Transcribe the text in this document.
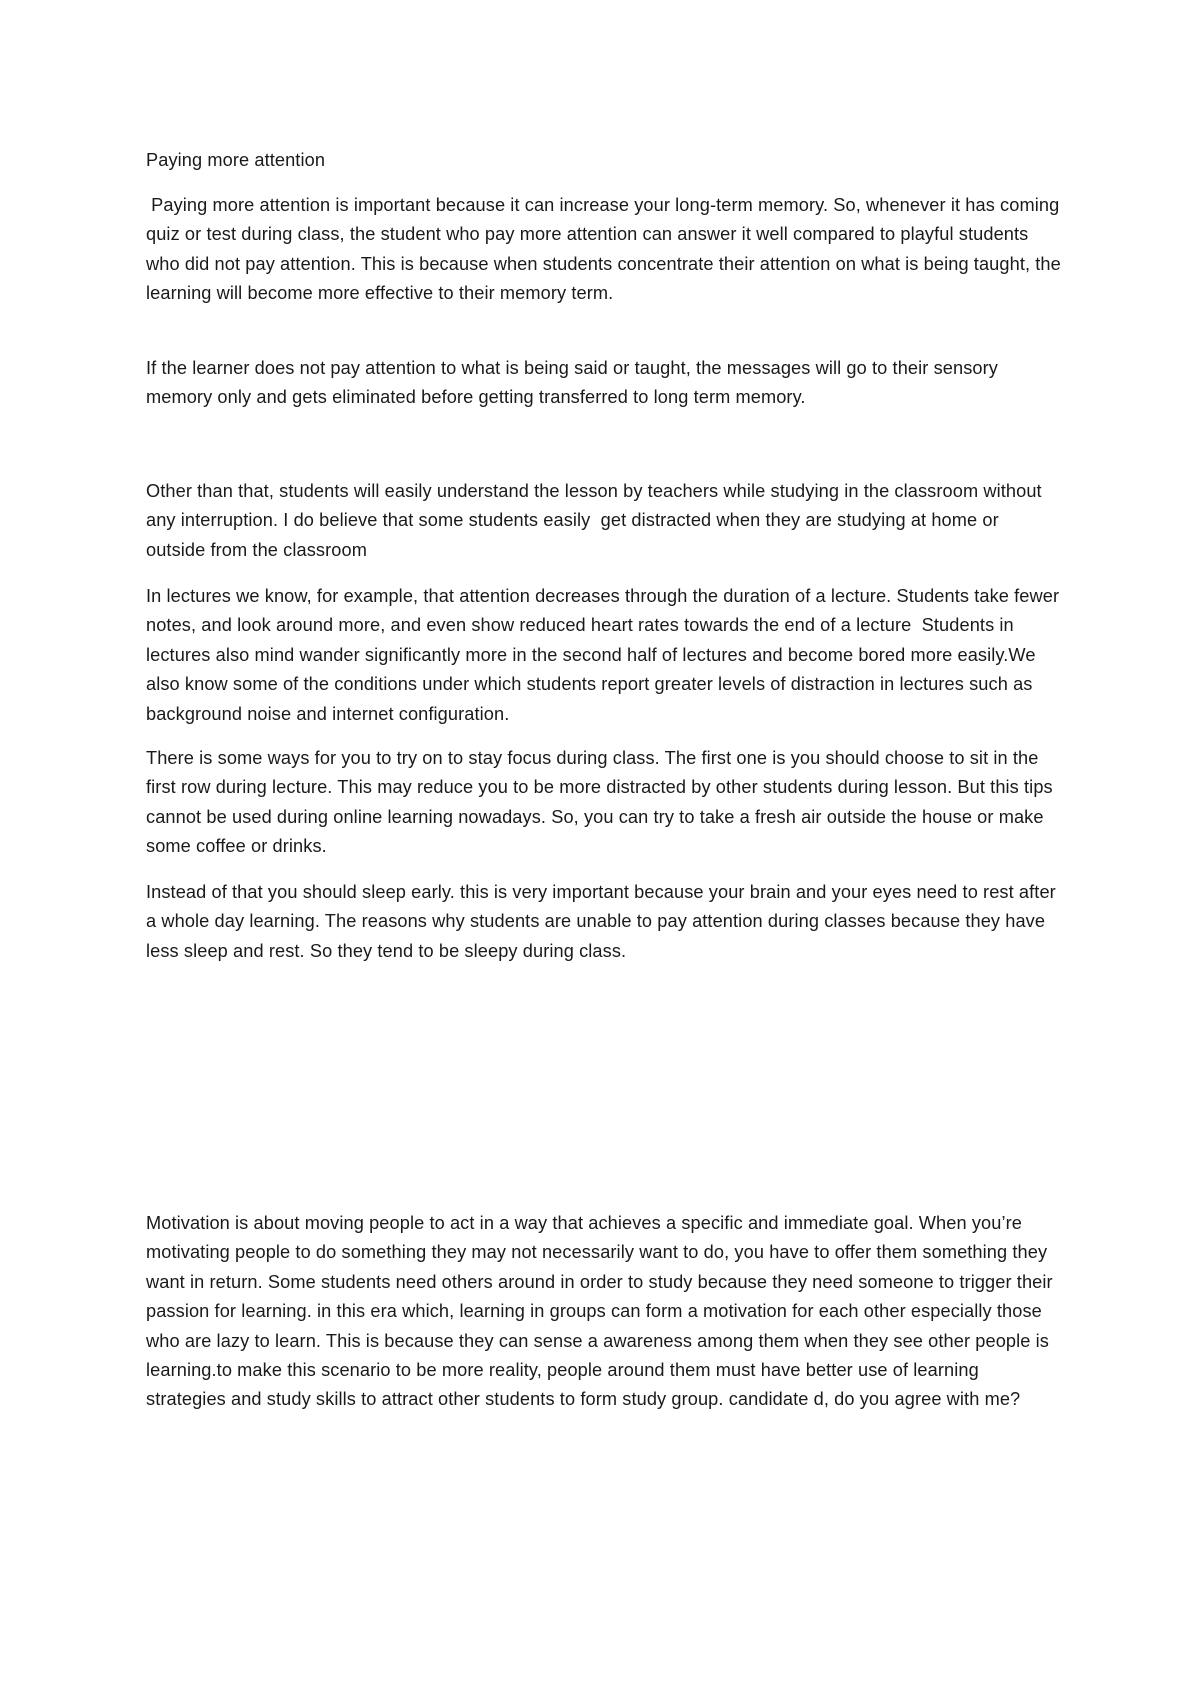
Paying more attention

Paying more attention is important because it can increase your long-term memory. So, whenever it has coming quiz or test during class, the student who pay more attention can answer it well compared to playful students who did not pay attention. This is because when students concentrate their attention on what is being taught, the learning will become more effective to their memory term.

If the learner does not pay attention to what is being said or taught, the messages will go to their sensory memory only and gets eliminated before getting transferred to long term memory.

Other than that, students will easily understand the lesson by teachers while studying in the classroom without any interruption. I do believe that some students easily  get distracted when they are studying at home or outside from the classroom

In lectures we know, for example, that attention decreases through the duration of a lecture. Students take fewer notes, and look around more, and even show reduced heart rates towards the end of a lecture  Students in lectures also mind wander significantly more in the second half of lectures and become bored more easily.We also know some of the conditions under which students report greater levels of distraction in lectures such as background noise and internet configuration.

There is some ways for you to try on to stay focus during class. The first one is you should choose to sit in the first row during lecture. This may reduce you to be more distracted by other students during lesson. But this tips cannot be used during online learning nowadays. So, you can try to take a fresh air outside the house or make some coffee or drinks.

Instead of that you should sleep early. this is very important because your brain and your eyes need to rest after a whole day learning. The reasons why students are unable to pay attention during classes because they have less sleep and rest. So they tend to be sleepy during class.

Motivation is about moving people to act in a way that achieves a specific and immediate goal. When you’re motivating people to do something they may not necessarily want to do, you have to offer them something they want in return. Some students need others around in order to study because they need someone to trigger their passion for learning. in this era which, learning in groups can form a motivation for each other especially those who are lazy to learn. This is because they can sense a awareness among them when they see other people is learning.to make this scenario to be more reality, people around them must have better use of learning strategies and study skills to attract other students to form study group. candidate d, do you agree with me?
